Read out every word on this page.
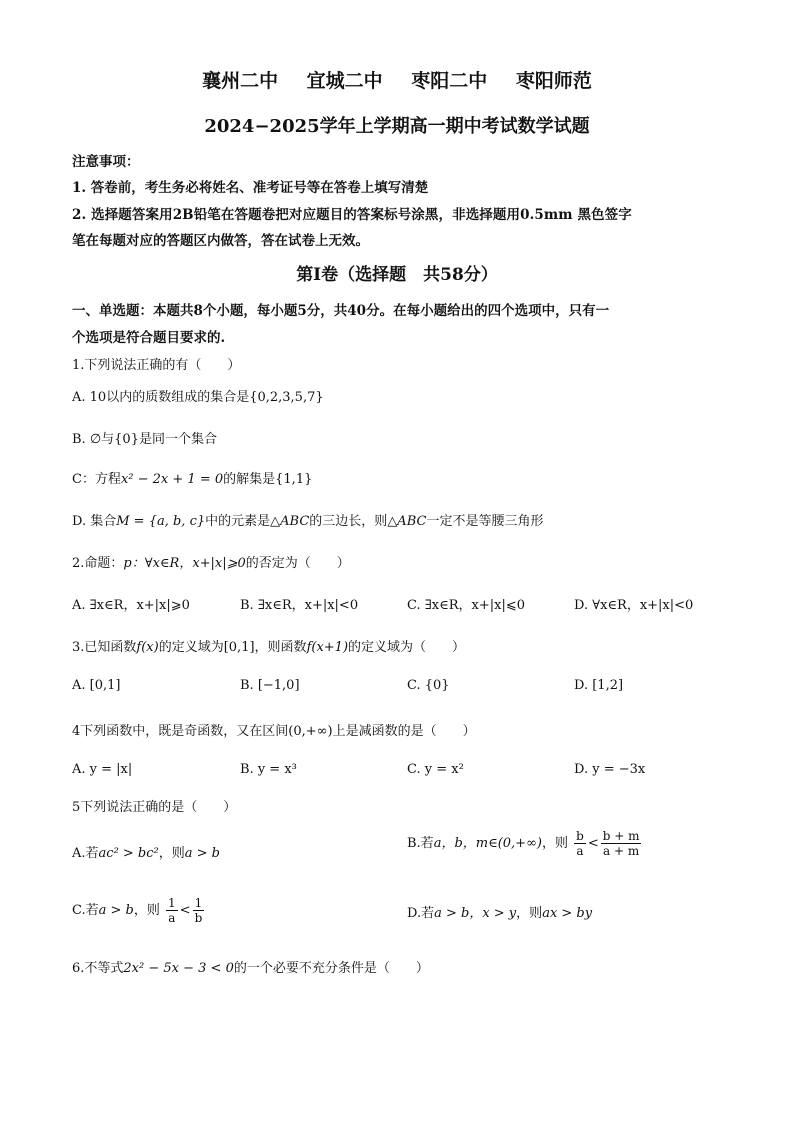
襄州二中 宜城二中 枣阳二中 枣阳师范
2024−2025学年上学期高一期中考试数学试题
注意事项：
1. 答卷前，考生务必将姓名、准考证号等在答卷上填写清楚
2. 选择题答案用2B铅笔在答题卷把对应题目的答案标号涂黑，非选择题用0.5mm 黑色签字
笔在每题对应的答题区内做答，答在试卷上无效。
第Ⅰ卷（选择题　共58分）
一、单选题：本题共8个小题，每小题5分，共40分。在每小题给出的四个选项中，只有一
个选项是符合题目要求的.
1.下列说法正确的有（　　）
A. 10以内的质数组成的集合是{0,2,3,5,7}
B. ∅与{0}是同一个集合
C：方程x² − 2x + 1 = 0的解集是{1,1}
D. 集合M = {a, b, c}中的元素是△ABC的三边长，则△ABC一定不是等腰三角形
2.命题：p：∀x∈R，x+|x|⩾0的否定为（　　）
A. ∃x∈R，x+|x|⩾0	B. ∃x∈R，x+|x|<0	C. ∃x∈R，x+|x|⩽0	D. ∀x∈R，x+|x|<0
3.已知函数f(x)的定义域为[0,1]，则函数f(x+1)的定义域为（　　）
A. [0,1]	B. [−1,0]	C. {0}	D. [1,2]
4下列函数中，既是奇函数，又在区间(0,+∞)上是减函数的是（　　）
A. y = |x|	B. y = x³	C. y = x²	D. y = −3x
5下列说法正确的是（　　）
A.若ac² > bc²，则a > b
B.若a，b，m∈(0,+∞)，则 $\frac{b}{a} < \frac{b + m}{a + m}$
C.若a > b，则 $\frac{1}{a} < \frac{1}{b}$	D.若a > b，x > y，则ax > by
6.不等式2x² − 5x − 3 < 0的一个必要不充分条件是（　　）
